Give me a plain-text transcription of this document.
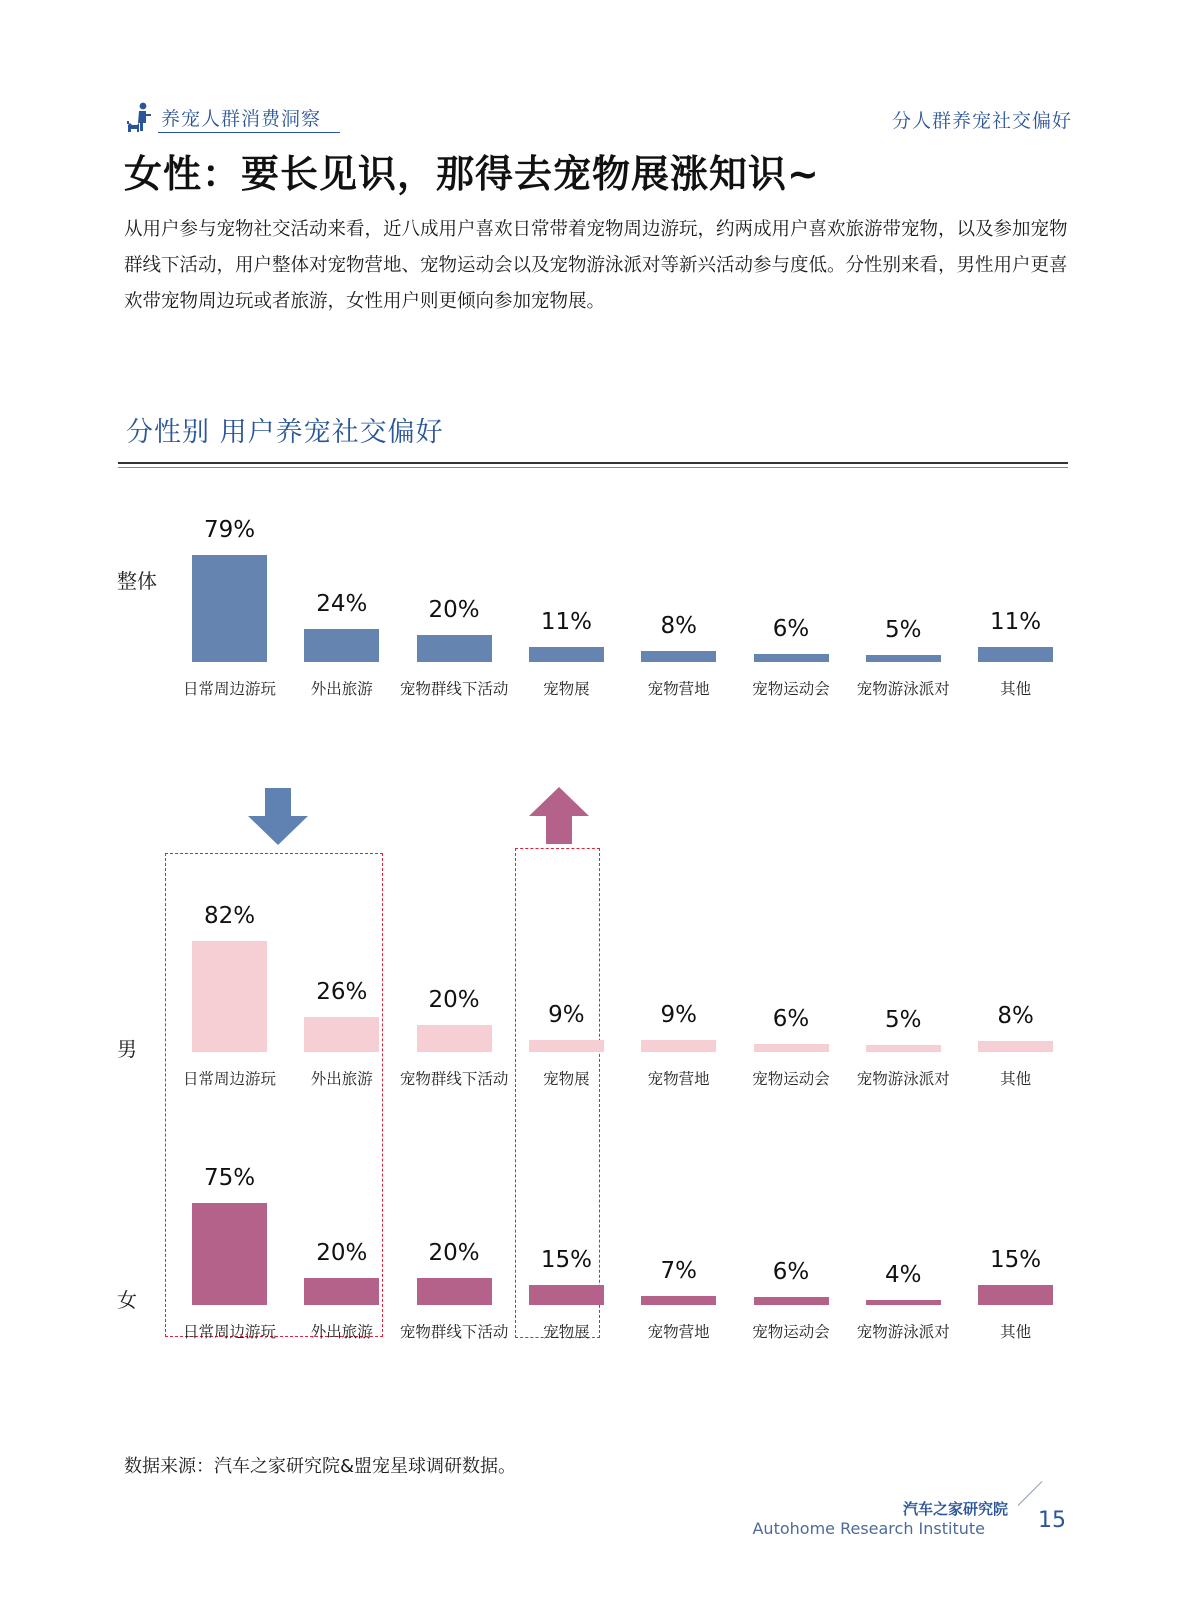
养宠人群消费洞察	分人群养宠社交偏好
女性：要长见识，那得去宠物展涨知识~
从用户参与宠物社交活动来看，近八成用户喜欢日常带着宠物周边游玩，约两成用户喜欢旅游带宠物，以及参加宠物群线下活动，用户整体对宠物营地、宠物运动会以及宠物游泳派对等新兴活动参与度低。分性别来看，男性用户更喜欢带宠物周边玩或者旅游，女性用户则更倾向参加宠物展。
分性别 用户养宠社交偏好
整体
男
女
79%
日常周边游玩
24%
外出旅游
20%
宠物群线下活动
11%
宠物展
8%
宠物营地
6%
宠物运动会
5%
宠物游泳派对
11%
其他
82%
日常周边游玩
26%
外出旅游
20%
宠物群线下活动
9%
宠物展
9%
宠物营地
6%
宠物运动会
5%
宠物游泳派对
8%
其他
75%
日常周边游玩
20%
外出旅游
20%
宠物群线下活动
15%
宠物展
7%
宠物营地
6%
宠物运动会
4%
宠物游泳派对
15%
其他
数据来源：汽车之家研究院&盟宠星球调研数据。
汽车之家研究院
Autohome Research Institute 15
